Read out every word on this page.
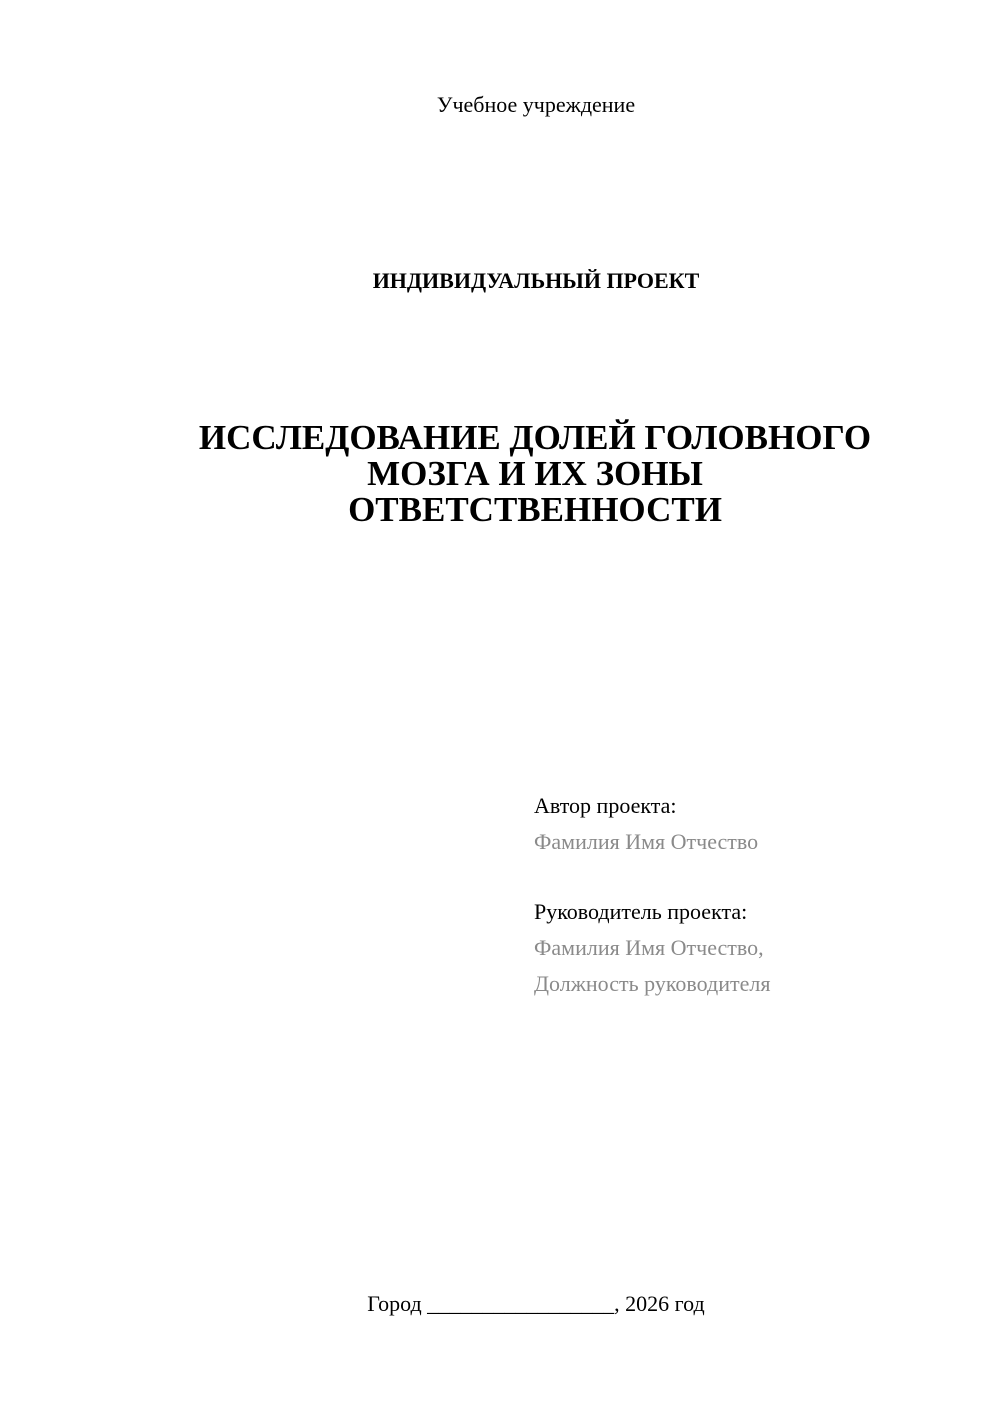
Учебное учреждение
ИНДИВИДУАЛЬНЫЙ ПРОЕКТ
ИССЛЕДОВАНИЕ ДОЛЕЙ ГОЛОВНОГО
МОЗГА И ИХ ЗОНЫ
ОТВЕТСТВЕННОСТИ
Автор проекта:
Фамилия Имя Отчество
Руководитель проекта:
Фамилия Имя Отчество,
Должность руководителя
Город _________________, 2026 год
